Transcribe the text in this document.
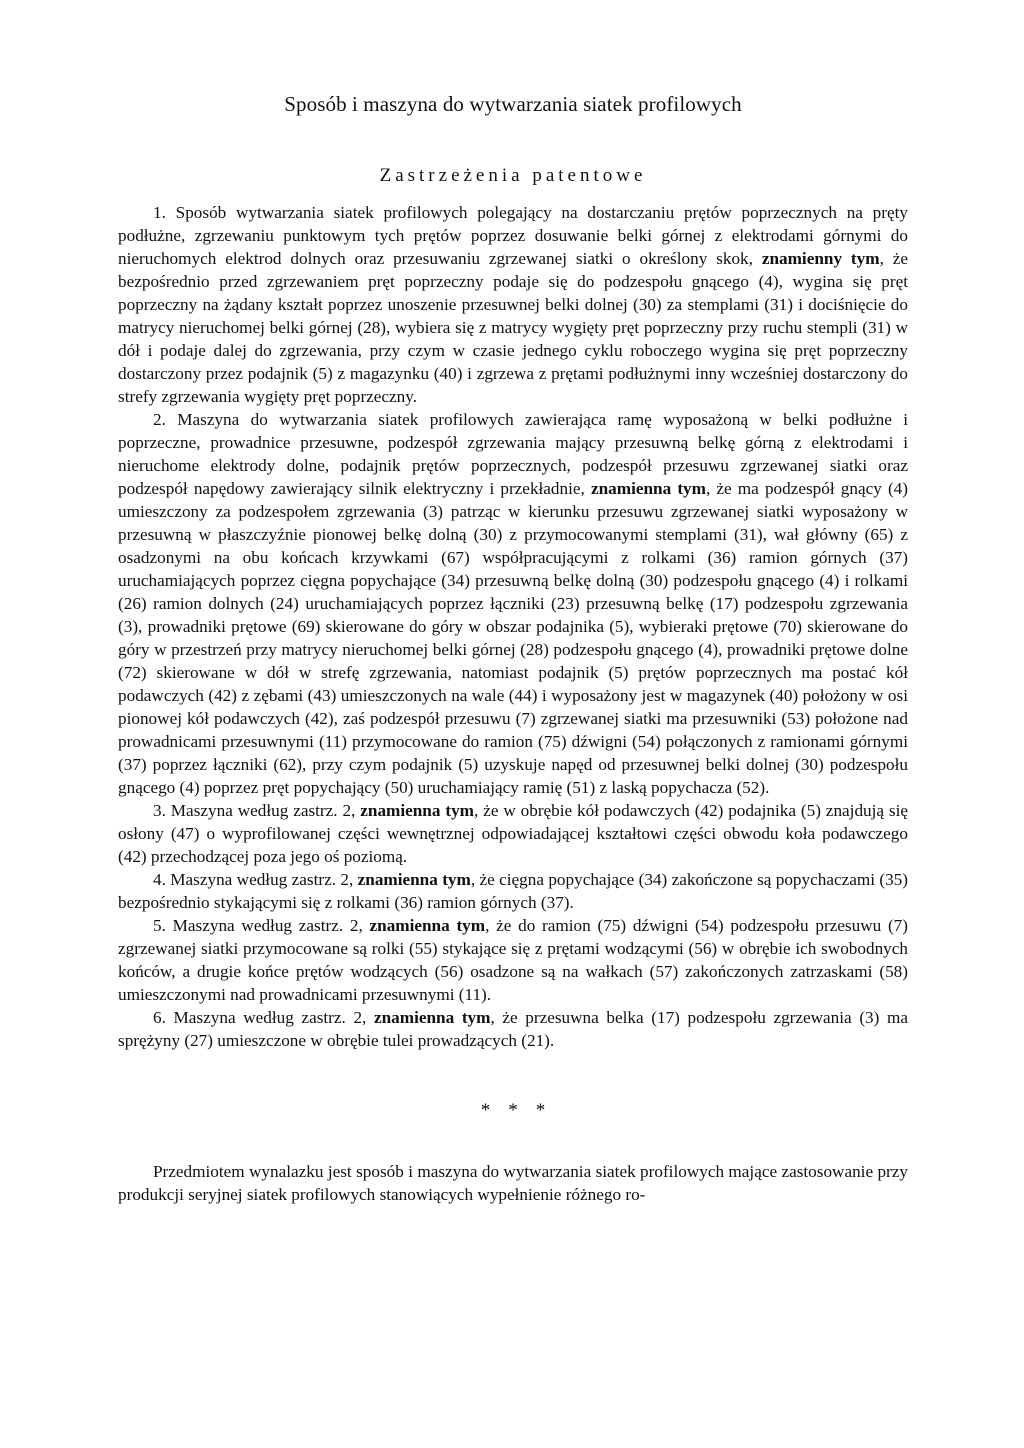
Sposób i maszyna do wytwarzania siatek profilowych
Zastrzeżenia patentowe

1. Sposób wytwarzania siatek profilowych polegający na dostarczaniu prętów poprzecznych na pręty podłużne, zgrzewaniu punktowym tych prętów poprzez dosuwanie belki górnej z elektrodami górnymi do nieruchomych elektrod dolnych oraz przesuwaniu zgrzewanej siatki o określony skok, znamienny tym, że bezpośrednio przed zgrzewaniem pręt poprzeczny podaje się do podzespołu gnącego (4), wygina się pręt poprzeczny na żądany kształt poprzez unoszenie przesuwnej belki dolnej (30) za stemplami (31) i dociśnięcie do matrycy nieruchomej belki górnej (28), wybiera się z matrycy wygięty pręt poprzeczny przy ruchu stempli (31) w dół i podaje dalej do zgrzewania, przy czym w czasie jednego cyklu roboczego wygina się pręt poprzeczny dostarczony przez podajnik (5) z magazynku (40) i zgrzewa z prętami podłużnymi inny wcześniej dostarczony do strefy zgrzewania wygięty pręt poprzeczny.

2. Maszyna do wytwarzania siatek profilowych zawierająca ramę wyposażoną w belki podłużne i poprzeczne, prowadnice przesuwne, podzespół zgrzewania mający przesuwną belkę górną z elektrodami i nieruchome elektrody dolne, podajnik prętów poprzecznych, podzespół przesuwu zgrzewanej siatki oraz podzespół napędowy zawierający silnik elektryczny i przekładnie, znamienna tym, że ma podzespół gnący (4) umieszczony za podzespołem zgrzewania (3) patrząc w kierunku przesuwu zgrzewanej siatki wyposażony w przesuwną w płaszczyźnie pionowej belkę dolną (30) z przymocowanymi stemplami (31), wał główny (65) z osadzonymi na obu końcach krzywkami (67) współpracującymi z rolkami (36) ramion górnych (37) uruchamiających poprzez cięgna popychające (34) przesuwną belkę dolną (30) podzespołu gnącego (4) i rolkami (26) ramion dolnych (24) uruchamiających poprzez łączniki (23) przesuwną belkę (17) podzespołu zgrzewania (3), prowadniki prętowe (69) skierowane do góry w obszar podajnika (5), wybieraki prętowe (70) skierowane do góry w przestrzeń przy matrycy nieruchomej belki górnej (28) podzespołu gnącego (4), prowadniki prętowe dolne (72) skierowane w dół w strefę zgrzewania, natomiast podajnik (5) prętów poprzecznych ma postać kół podawczych (42) z zębami (43) umieszczonych na wale (44) i wyposażony jest w magazynek (40) położony w osi pionowej kół podawczych (42), zaś podzespół przesuwu (7) zgrzewanej siatki ma przesuwniki (53) położone nad prowadnicami przesuwnymi (11) przymocowane do ramion (75) dźwigni (54) połączonych z ramionami górnymi (37) poprzez łączniki (62), przy czym podajnik (5) uzyskuje napęd od przesuwnej belki dolnej (30) podzespołu gnącego (4) poprzez pręt popychający (50) uruchamiający ramię (51) z laską popychacza (52).

3. Maszyna według zastrz. 2, znamienna tym, że w obrębie kół podawczych (42) podajnika (5) znajdują się osłony (47) o wyprofilowanej części wewnętrznej odpowiadającej kształtowi części obwodu koła podawczego (42) przechodzącej poza jego oś poziomą.

4. Maszyna według zastrz. 2, znamienna tym, że cięgna popychające (34) zakończone są popychaczami (35) bezpośrednio stykającymi się z rolkami (36) ramion górnych (37).

5. Maszyna według zastrz. 2, znamienna tym, że do ramion (75) dźwigni (54) podzespołu przesuwu (7) zgrzewanej siatki przymocowane są rolki (55) stykające się z prętami wodzącymi (56) w obrębie ich swobodnych końców, a drugie końce prętów wodzących (56) osadzone są na wałkach (57) zakończonych zatrzaskami (58) umieszczonymi nad prowadnicami przesuwnymi (11).

6. Maszyna według zastrz. 2, znamienna tym, że przesuwna belka (17) podzespołu zgrzewania (3) ma sprężyny (27) umieszczone w obrębie tulei prowadzących (21).

***

Przedmiotem wynalazku jest sposób i maszyna do wytwarzania siatek profilowych mające zastosowanie przy produkcji seryjnej siatek profilowych stanowiących wypełnienie różnego ro-
